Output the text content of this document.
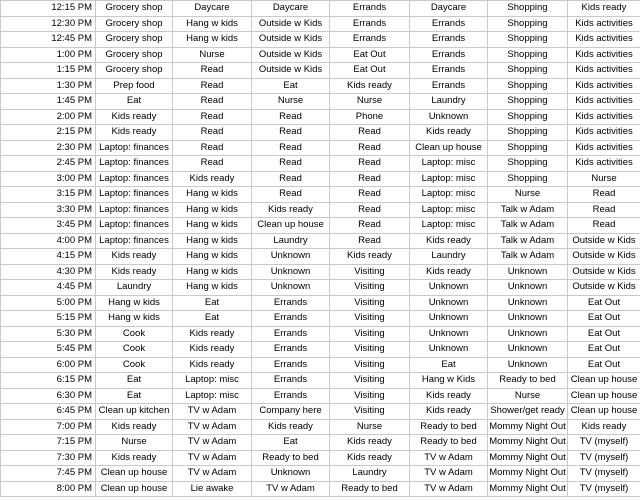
12:15 PM	Grocery shop	Daycare	Daycare	Errands	Daycare	Shopping	Kids ready
12:30 PM	Grocery shop	Hang w kids	Outside w Kids	Errands	Errands	Shopping	Kids activities
12:45 PM	Grocery shop	Hang w kids	Outside w Kids	Errands	Errands	Shopping	Kids activities
1:00 PM	Grocery shop	Nurse	Outside w Kids	Eat Out	Errands	Shopping	Kids activities
1:15 PM	Grocery shop	Read	Outside w Kids	Eat Out	Errands	Shopping	Kids activities
1:30 PM	Prep food	Read	Eat	Kids ready	Errands	Shopping	Kids activities
1:45 PM	Eat	Read	Nurse	Nurse	Laundry	Shopping	Kids activities
2:00 PM	Kids ready	Read	Read	Phone	Unknown	Shopping	Kids activities
2:15 PM	Kids ready	Read	Read	Read	Kids ready	Shopping	Kids activities
2:30 PM	Laptop: finances	Read	Read	Read	Clean up house	Shopping	Kids activities
2:45 PM	Laptop: finances	Read	Read	Read	Laptop: misc	Shopping	Kids activities
3:00 PM	Laptop: finances	Kids ready	Read	Read	Laptop: misc	Shopping	Nurse
3:15 PM	Laptop: finances	Hang w kids	Read	Read	Laptop: misc	Nurse	Read
3:30 PM	Laptop: finances	Hang w kids	Kids ready	Read	Laptop: misc	Talk w Adam	Read
3:45 PM	Laptop: finances	Hang w kids	Clean up house	Read	Laptop: misc	Talk w Adam	Read
4:00 PM	Laptop: finances	Hang w kids	Laundry	Read	Kids ready	Talk w Adam	Outside w Kids
4:15 PM	Kids ready	Hang w kids	Unknown	Kids ready	Laundry	Talk w Adam	Outside w Kids
4:30 PM	Kids ready	Hang w kids	Unknown	Visiting	Kids ready	Unknown	Outside w Kids
4:45 PM	Laundry	Hang w kids	Unknown	Visiting	Unknown	Unknown	Outside w Kids
5:00 PM	Hang w kids	Eat	Errands	Visiting	Unknown	Unknown	Eat Out
5:15 PM	Hang w kids	Eat	Errands	Visiting	Unknown	Unknown	Eat Out
5:30 PM	Cook	Kids ready	Errands	Visiting	Unknown	Unknown	Eat Out
5:45 PM	Cook	Kids ready	Errands	Visiting	Unknown	Unknown	Eat Out
6:00 PM	Cook	Kids ready	Errands	Visiting	Eat	Unknown	Eat Out
6:15 PM	Eat	Laptop: misc	Errands	Visiting	Hang w Kids	Ready to bed	Clean up house
6:30 PM	Eat	Laptop: misc	Errands	Visiting	Kids ready	Nurse	Clean up house
6:45 PM	Clean up kitchen	TV w Adam	Company here	Visiting	Kids ready	Shower/get ready	Clean up house
7:00 PM	Kids ready	TV w Adam	Kids ready	Nurse	Ready to bed	Mommy Night Out	Kids ready
7:15 PM	Nurse	TV w Adam	Eat	Kids ready	Ready to bed	Mommy Night Out	TV (myself)
7:30 PM	Kids ready	TV w Adam	Ready to bed	Kids ready	TV w Adam	Mommy Night Out	TV (myself)
7:45 PM	Clean up house	TV w Adam	Unknown	Laundry	TV w Adam	Mommy Night Out	TV (myself)
8:00 PM	Clean up house	Lie awake	TV w Adam	Ready to bed	TV w Adam	Mommy Night Out	TV (myself)
